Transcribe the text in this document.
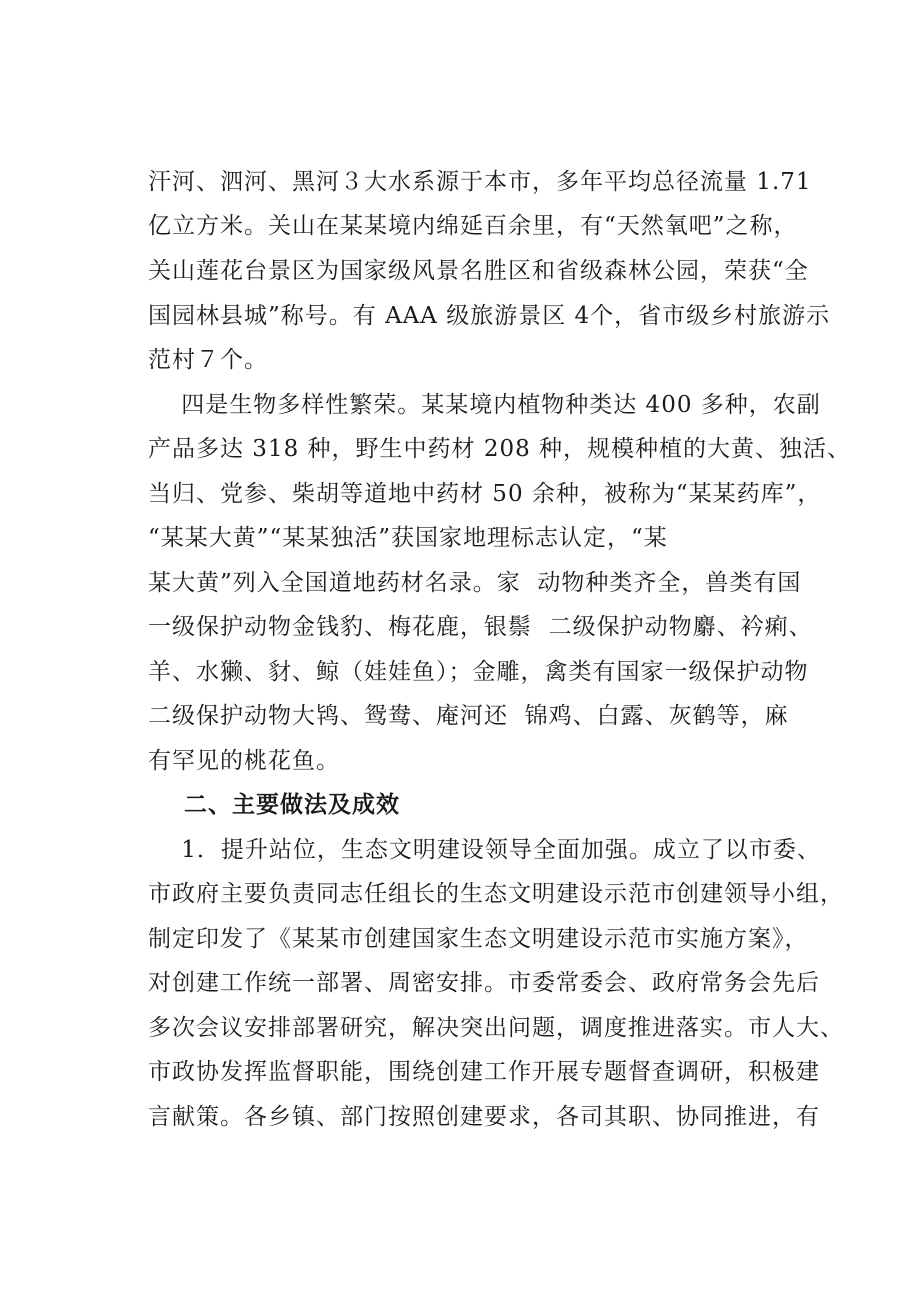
汗河、泗河、黑河３大水系源于本市，多年平均总径流量 1.71
亿立方米。关山在某某境内绵延百余里，有“天然氧吧”之称，
关山莲花台景区为国家级风景名胜区和省级森林公园，荣获“全
国园林县城”称号。有 AAA 级旅游景区 4个，省市级乡村旅游示
范村７个。
四是生物多样性繁荣。某某境内植物种类达 400 多种，农副
产品多达 318 种，野生中药材 208 种，规模种植的大黄、独活、
当归、党参、柴胡等道地中药材 50 余种，被称为“某某药库”，
“某某大黄”“某某独活”获国家地理标志认定，“某
某大黄”列入全国道地药材名录。家  动物种类齐全，兽类有国
一级保护动物金钱豹、梅花鹿，银鬃  二级保护动物麝、衿痢、
羊、水獭、豺、鲸（娃娃鱼）；金雕，禽类有国家一级保护动物
二级保护动物大鸨、鸳鸯、庵河还  锦鸡、白露、灰鹤等，麻
有罕见的桃花鱼。
二、主要做法及成效
1．提升站位，生态文明建设领导全面加强。成立了以市委、
市政府主要负责同志任组长的生态文明建设示范市创建领导小组，
制定印发了《某某市创建国家生态文明建设示范市实施方案》，
对创建工作统一部署、周密安排。市委常委会、政府常务会先后
多次会议安排部署研究，解决突出问题，调度推进落实。市人大、
市政协发挥监督职能，围绕创建工作开展专题督查调研，积极建
言献策。各乡镇、部门按照创建要求，各司其职、协同推进，有
